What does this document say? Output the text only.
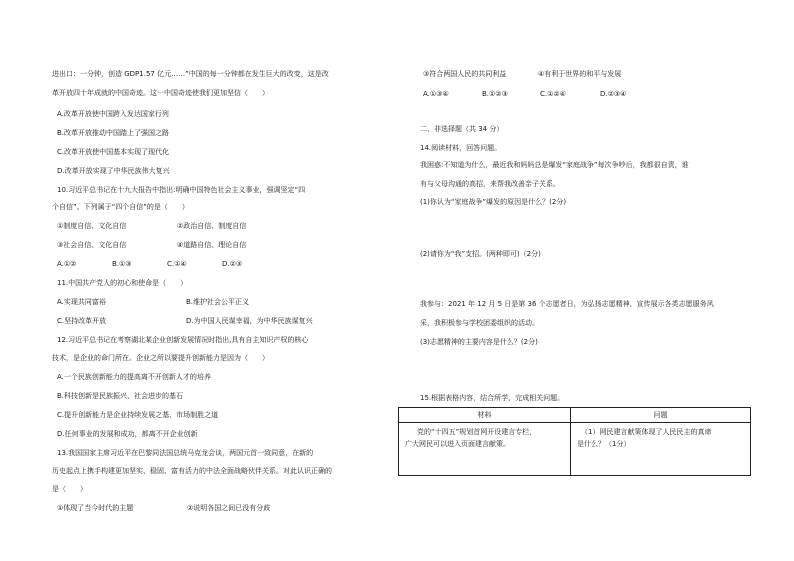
进出口：一分钟，创造 GDP1.57 亿元……”中国的每一分钟都在发生巨大的改变，这是改
革开放四十年成就的中国奇迹。这一中国奇迹使我们更加坚信（　　）
A.改革开放使中国跨入发达国家行列
B.改革开放推动中国踏上了强国之路
C.改革开放使中国基本实现了现代化
D.改革开放实现了中华民族伟大复兴
10.习近平总书记在十九大报告中指出:明确中国特色社会主义事业，强调坚定“四
个自信”。下列属于“四个自信”的是（　　）
①制度自信、文化自信	②政治自信、制度自信
③社会自信、文化自信	④道路自信、理论自信
A.①②	B.①③	C.①④	D.②③
11.中国共产党人的初心和使命是（　　）
A.实现共同富裕	B.维护社会公平正义
C.坚持改革开放	D.为中国人民谋幸福，为中华民族谋复兴
12.习近平总书记在考察湖北某企业创新发展情况时指出,具有自主知识产权的核心
技术，是企业的命门所在。企业之所以要提升创新能力是因为（　　）
A.一个民族创新能力的提高离不开创新人才的培养
B.科技创新是民族振兴、社会进步的基石
C.提升创新能力是企业持续发展之基、市场制胜之道
D.任何事业的发展和成功，都离不开企业创新
13.我国国家主席习近平在巴黎同法国总统马克龙会谈，两国元首一致同意，在新的
历史起点上携手构建更加坚实、稳固、富有活力的中法全面战略伙伴关系。对此认识正确的
是（　　）
①体现了当今时代的主题	②说明各国之间已没有分歧
③符合两国人民的共同利益	④有利于世界的和平与发展
A.①③④	B.①②③	C.①②④	D.②③④
二、非选择题（共 34 分）
14.阅读材料，回答问题。
我困惑:不知道为什么，最近我和妈妈总是爆发“家庭战争”每次争吵后，我都很自责，谁
有与父母沟通的高招，来帮我改善亲子关系。
(1)你认为“家庭战争”爆发的原因是什么？(2分)
(2)请你为“我”支招。(两种即可)（2分)
我参与：2021 年 12 月 5 日是第 36 个志愿者日，为弘扬志愿精神，宣传展示各类志愿服务风
采，我积极参与学校团委组织的活动。
(3)志愿精神的主要内容是什么？(2分)
15.根据表格内容，结合所学，完成相关问题。
材料	问题

党的“十四五”规划首网开设建言专栏，
广大网民可以进入页面建言献策。	（1）网民建言献策体现了人民民主的真谛
是什么？（1分）
